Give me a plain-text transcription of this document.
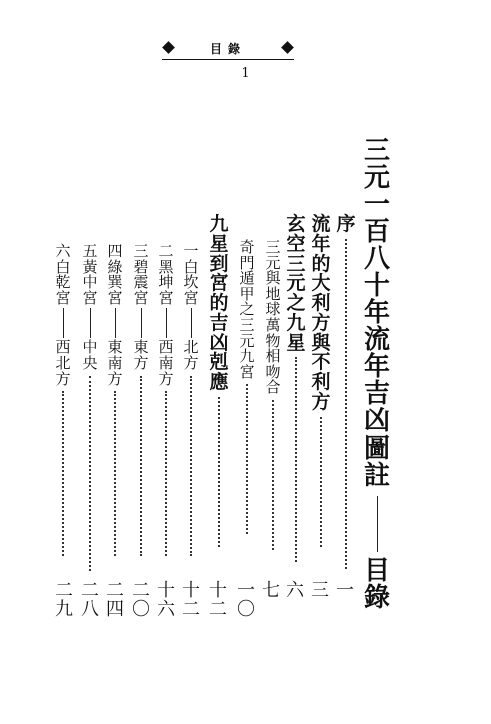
目錄
1
三
元
一
百
八
十
年
流
年
吉
凶
圖
註
目
錄
序
一
流
年
的
大
利
方
與
不
利
方
三
玄
空
三
元
之
九
星
六
三
元
與
地
球
萬
物
相
吻
合
七
奇
門
遁
甲
之
三
元
九
宮
一
〇
九
星
到
宮
的
吉
凶
剋
應
十
二
一
白
坎
宮
北
方
十
二
二
黑
坤
宮
西
南
方
十
六
三
碧
震
宮
東
方
二
〇
四
綠
巽
宮
東
南
方
二
四
五
黃
中
宮
中
央
二
八
六
白
乾
宮
西
北
方
二
九
